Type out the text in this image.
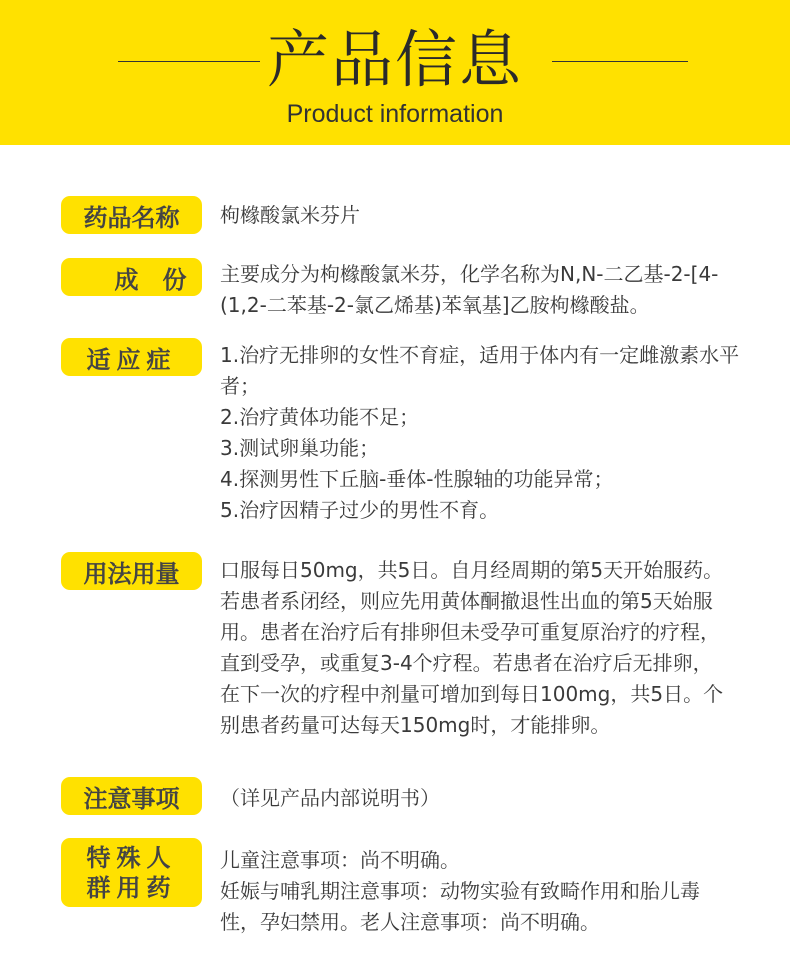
产品信息
Product information
药品名称 枸橼酸氯米芬片

成　份 主要成分为枸橼酸氯米芬，化学名称为N,N-二乙基-2-[4-(1,2-二苯基-2-氯乙烯基)苯氧基]乙胺枸橼酸盐。

适应症 1.治疗无排卵的女性不育症，适用于体内有一定雌激素水平者；

2.治疗黄体功能不足；

3.测试卵巢功能；

4.探测男性下丘脑-垂体-性腺轴的功能异常；

5.治疗因精子过少的男性不育。

用法用量 口服每日50mg，共5日。自月经周期的第5天开始服药。若患者系闭经，则应先用黄体酮撤退性出血的第5天始服用。患者在治疗后有排卵但未受孕可重复原治疗的疗程，直到受孕，或重复3-4个疗程。若患者在治疗后无排卵，在下一次的疗程中剂量可增加到每日100mg，共5日。个别患者药量可达每天150mg时，才能排卵。

注意事项 （详见产品内部说明书）

特殊人
群用药

儿童注意事项：尚不明确。

妊娠与哺乳期注意事项：动物实验有致畸作用和胎儿毒性，孕妇禁用。老人注意事项：尚不明确。
